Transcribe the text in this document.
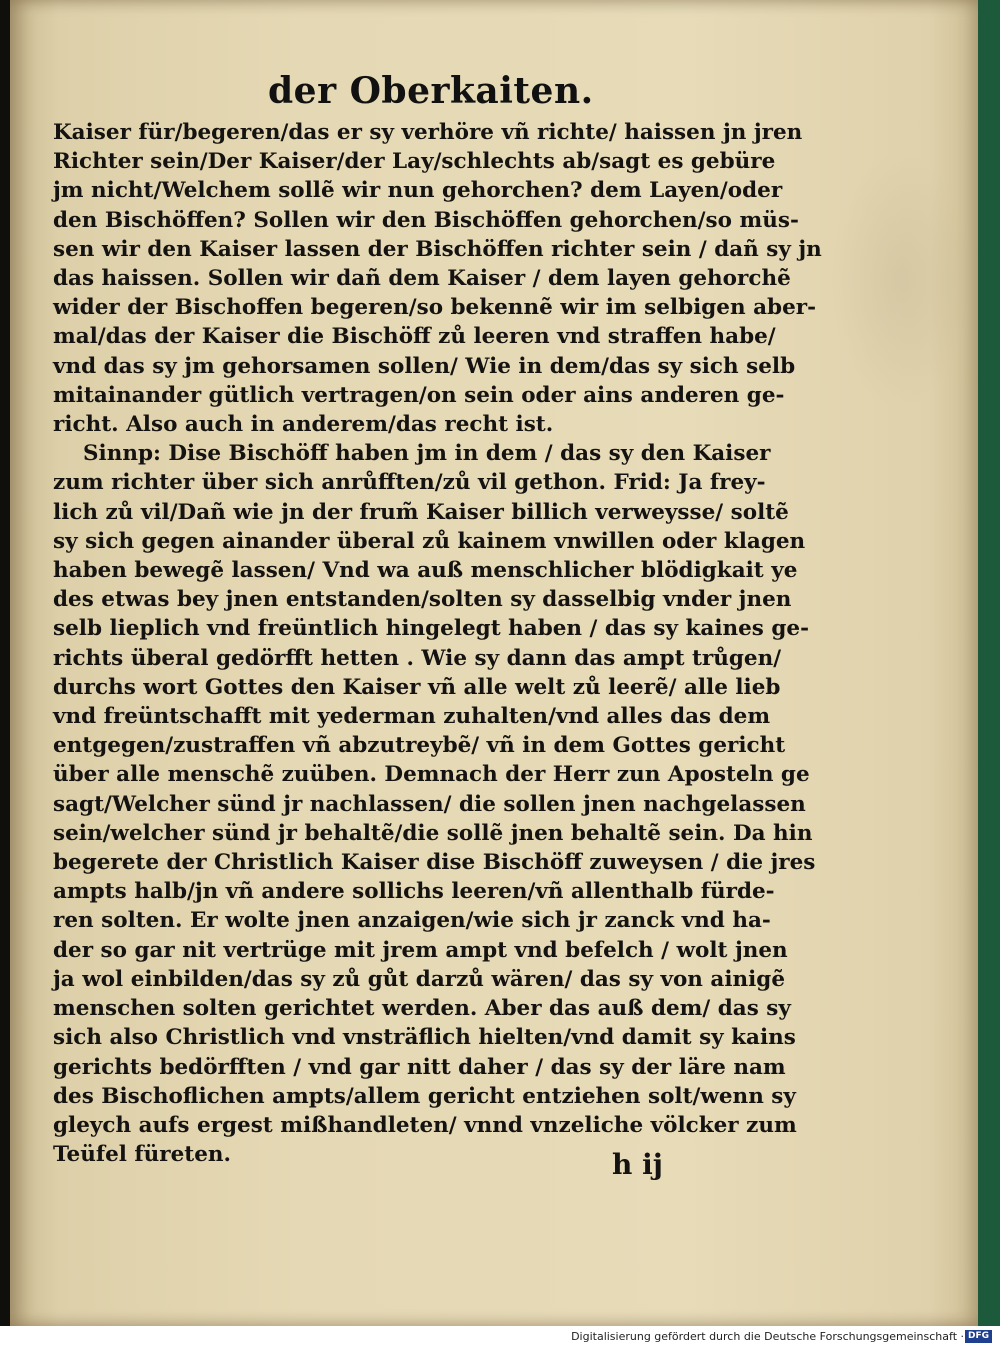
der Oberkaiten.
Kaiser für/begeren/das er sy verhöre vñ richte/ haissen jn jren
Richter sein/Der Kaiser/der Lay/schlechts ab/sagt es gebüre
jm nicht/Welchem sollẽ wir nun gehorchen? dem Layen/oder
den Bischöffen? Sollen wir den Bischöffen gehorchen/so müs-
sen wir den Kaiser lassen der Bischöffen richter sein / dañ sy jn
das haissen. Sollen wir dañ dem Kaiser / dem layen gehorchẽ
wider der Bischoffen begeren/so bekennẽ wir im selbigen aber-
mal/das der Kaiser die Bischöff zů leeren vnd straffen habe/
vnd das sy jm gehorsamen sollen/ Wie in dem/das sy sich selb
mitainander gütlich vertragen/on sein oder ains anderen ge-
richt. Also auch in anderem/das recht ist.
Sinnp: Dise Bischöff haben jm in dem / das sy den Kaiser
zum richter über sich anrůfften/zů vil gethon. Frid: Ja frey-
lich zů vil/Dañ wie jn der frum̃ Kaiser billich verweysse/ soltẽ
sy sich gegen ainander überal zů kainem vnwillen oder klagen
haben bewegẽ lassen/ Vnd wa auß menschlicher blödigkait ye
des etwas bey jnen entstanden/solten sy dasselbig vnder jnen
selb lieplich vnd freüntlich hingelegt haben / das sy kaines ge-
richts überal gedörfft hetten . Wie sy dann das ampt trůgen/
durchs wort Gottes den Kaiser vñ alle welt zů leerẽ/ alle lieb
vnd freüntschafft mit yederman zuhalten/vnd alles das dem
entgegen/zustraffen vñ abzutreybẽ/ vñ in dem Gottes gericht
über alle menschẽ zuüben. Demnach der Herr zun Aposteln ge
sagt/Welcher sünd jr nachlassen/ die sollen jnen nachgelassen
sein/welcher sünd jr behaltẽ/die sollẽ jnen behaltẽ sein. Da hin
begerete der Christlich Kaiser dise Bischöff zuweysen / die jres
ampts halb/jn vñ andere sollichs leeren/vñ allenthalb fürde-
ren solten. Er wolte jnen anzaigen/wie sich jr zanck vnd ha-
der so gar nit vertrüge mit jrem ampt vnd befelch / wolt jnen
ja wol einbilden/das sy zů gůt darzů wären/ das sy von ainigẽ
menschen solten gerichtet werden. Aber das auß dem/ das sy
sich also Christlich vnd vnsträflich hielten/vnd damit sy kains
gerichts bedörfften / vnd gar nitt daher / das sy der läre nam
des Bischoflichen ampts/allem gericht entziehen solt/wenn sy
gleych aufs ergest mißhandleten/ vnnd vnzeliche völcker zum
Teüfel füreten.	h ij
Digitalisierung gefördert durch die Deutsche Forschungsgemeinschaft · DFG
